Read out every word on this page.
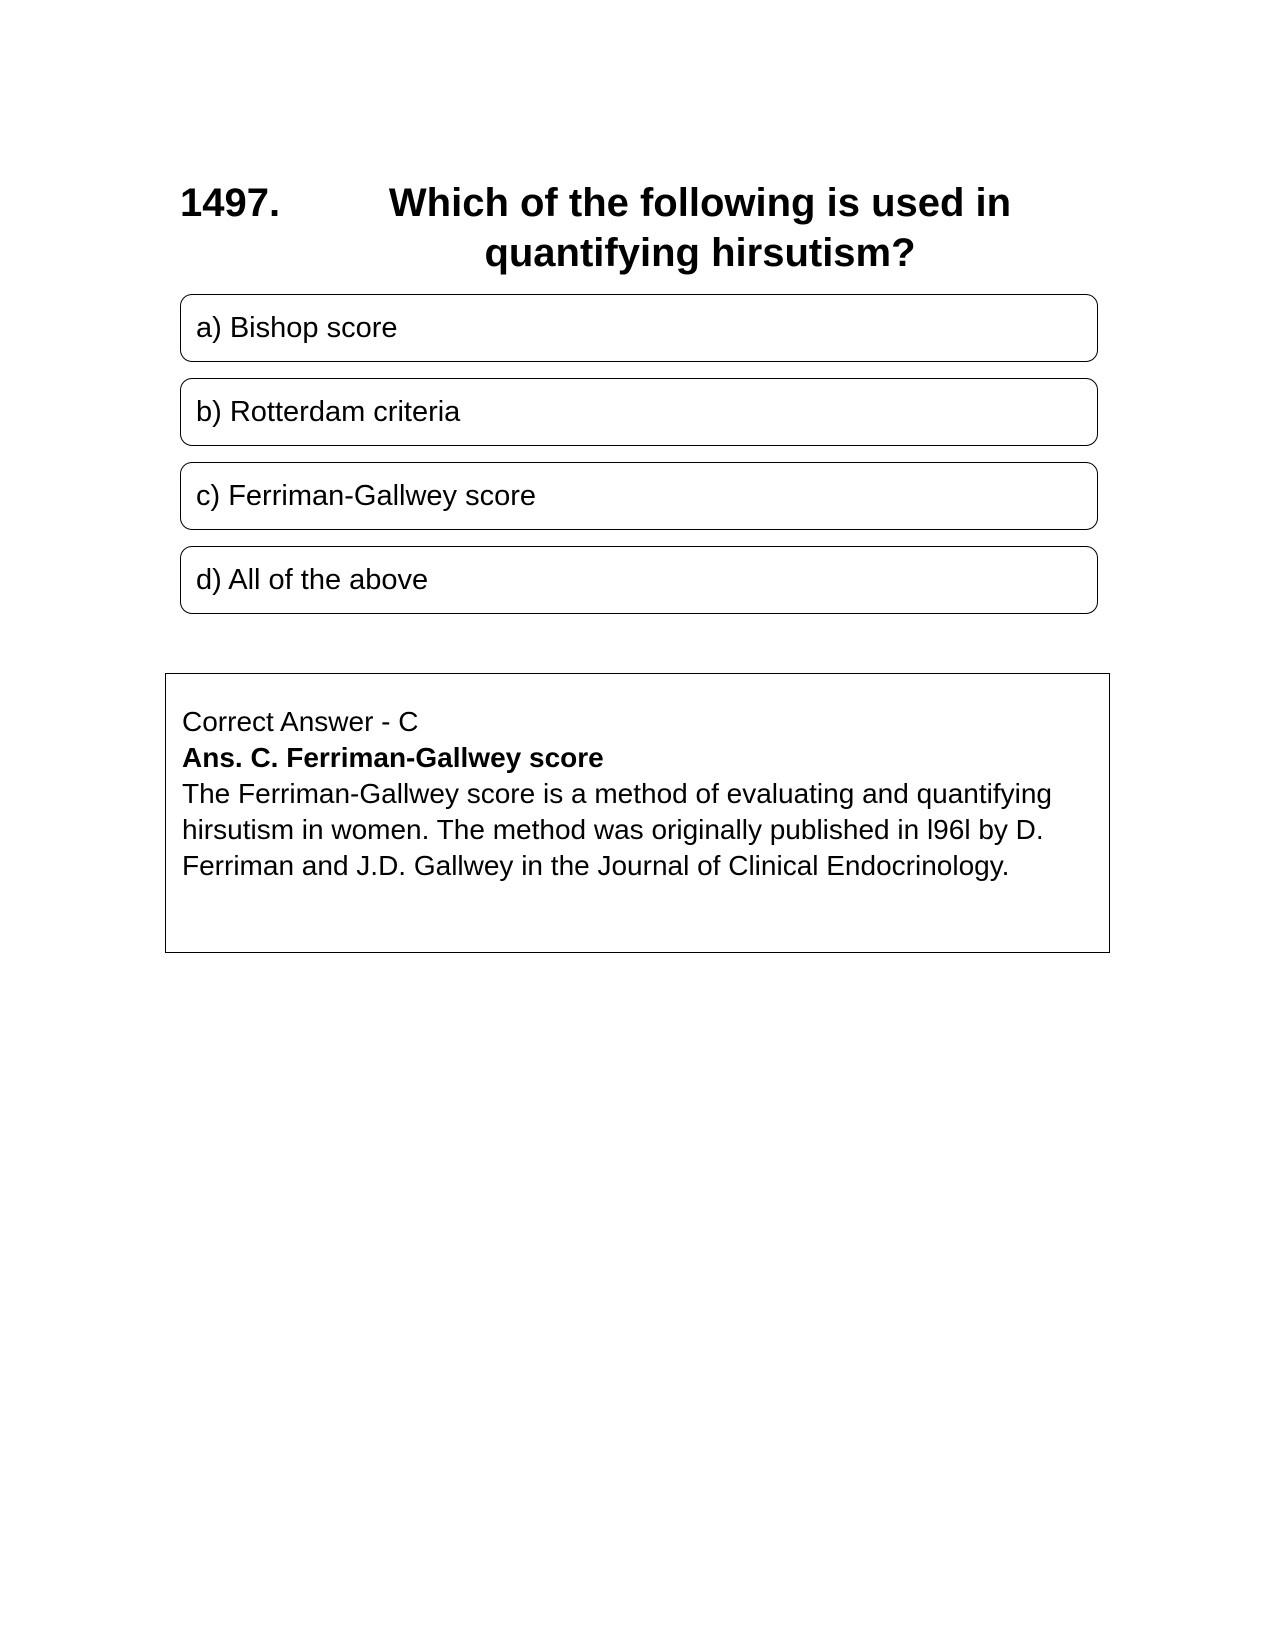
1497.	Which of the following is used in quantifying hirsutism?
a) Bishop score
b) Rotterdam criteria
c) Ferriman-Gallwey score
d) All of the above
Correct Answer - C
Ans. C. Ferriman-Gallwey score
The Ferriman-Gallwey score is a method of evaluating and quantifying hirsutism in women. The method was originally published in l96l by D. Ferriman and J.D. Gallwey in the Journal of Clinical Endocrinology.
